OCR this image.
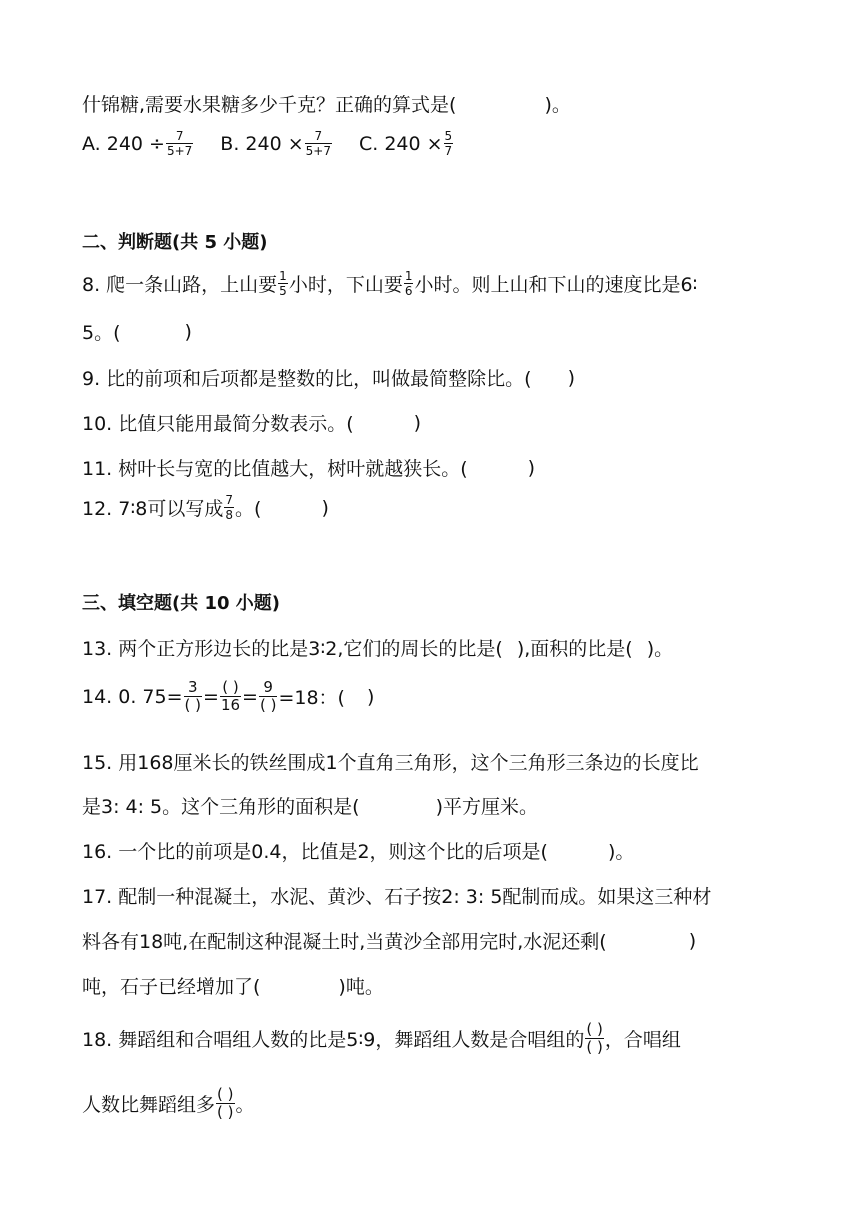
什锦糖,需要水果糖多少千克？正确的算式是(	)。
A. $240 \div \frac{7}{5+7} B$. $240 \times \frac{7}{5+7} C$. $240 \times \frac{5}{7}$
二、判断题(共 5 小题)
8. 爬一条山路，上山要 $\frac{1}{5}$ 小时，下山要 $\frac{1}{6}$ 小时。则上山和下山的速度比是6∶
5。(	)
9. 比的前项和后项都是整数的比，叫做最简整除比。( )
10. 比值只能用最简分数表示。(	)
11. 树叶长与宽的比值越大，树叶就越狭长。(	)
12. 7∶8可以写成 $\frac{7}{8}$ 。(	)
三、填空题(共 10 小题)
13. 两个正方形边长的比是3∶2,它们的周长的比是( ),面积的比是( )。
14. 0. $75= \frac{3}{( )} = \frac{( )}{16} = \frac{9}{( )} =18$：( )
15. 用168厘米长的铁丝围成1个直角三角形，这个三角形三条边的长度比
是3: 4: 5。这个三角形的面积是(	)平方厘米。
16. 一个比的前项是0.4，比值是2，则这个比的后项是(	)。
17. 配制一种混凝土，水泥、黄沙、石子按2: 3: 5配制而成。如果这三种材
料各有18吨,在配制这种混凝土时,当黄沙全部用完时,水泥还剩(	)
吨，石子已经增加了(	)吨。
18. 舞蹈组和合唱组人数的比是5∶9，舞蹈组人数是合唱组的 $\frac{( )}{( )}$ ，合唱组
人数比舞蹈组多 $\frac{( )}{( )}$ 。
